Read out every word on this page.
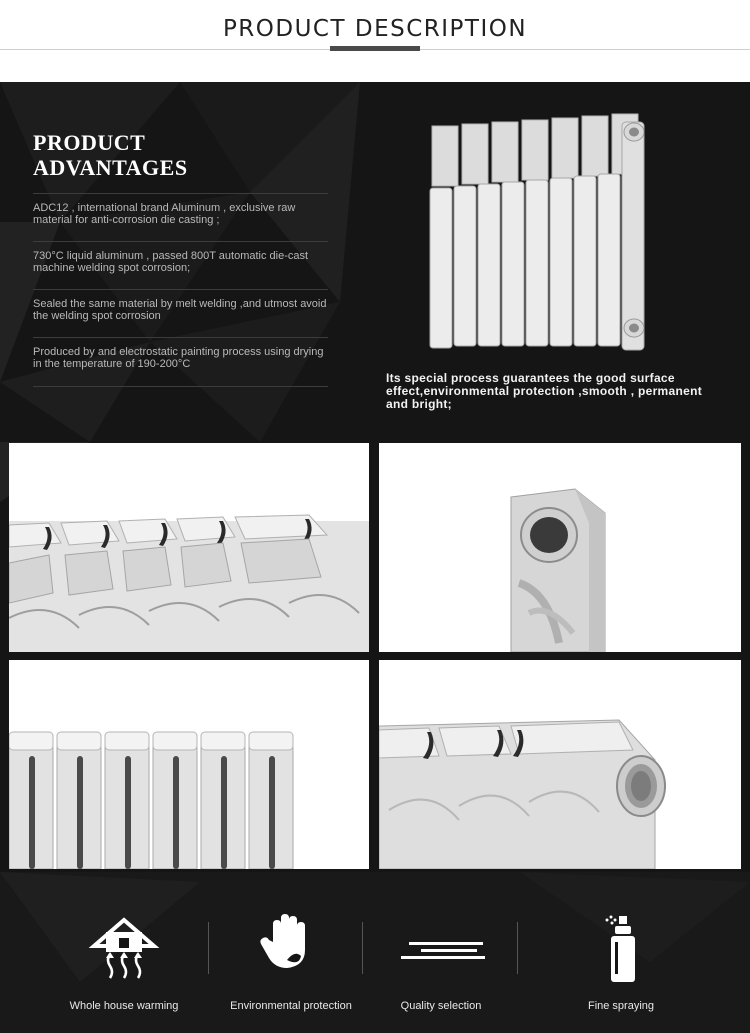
PRODUCT DESCRIPTION
PRODUCT
ADVANTAGES
ADC12 , international brand Aluminum , exclusive raw material for anti-corrosion die casting ;
730°C liquid aluminum , passed 800T automatic die-cast machine welding spot corrosion;
Sealed the same material by melt welding ,and utmost avoid the welding spot corrosion
Produced by and electrostatic painting process using drying in the temperature of 190-200°C
Its special process guarantees the good surface effect,environmental protection ,smooth , permanent and bright;
Whole house warming	Environmental protection	Quality selection	Fine spraying
